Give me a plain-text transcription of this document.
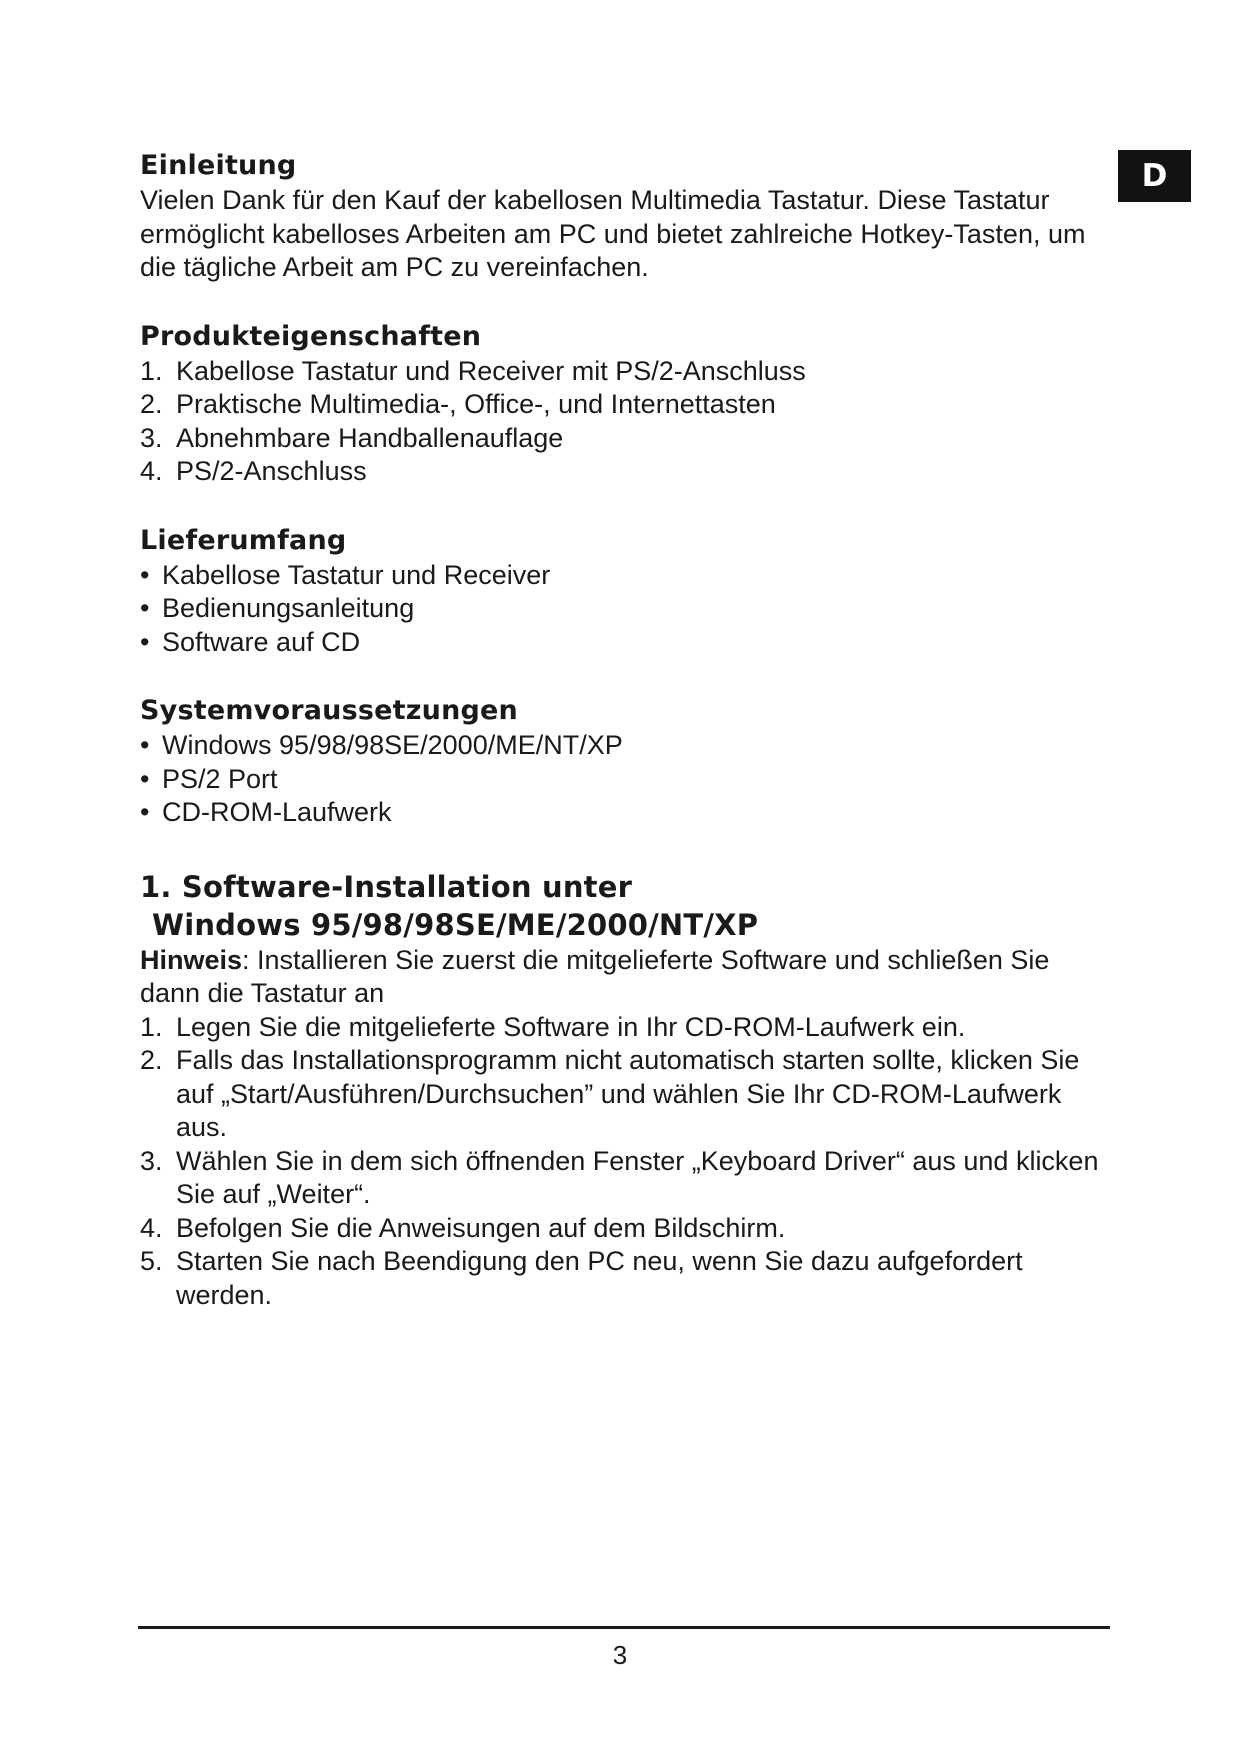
D
Einleitung

Vielen Dank für den Kauf der kabellosen Multimedia Tastatur. Diese Tastatur ermöglicht kabelloses Arbeiten am PC und bietet zahlreiche Hotkey-Tasten, um die tägliche Arbeit am PC zu vereinfachen.

Produkteigenschaften
1. Kabellose Tastatur und Receiver mit PS/2-Anschluss
2. Praktische Multimedia-, Office-, und Internettasten
3. Abnehmbare Handballenauflage
4. PS/2-Anschluss
Lieferumfang
• Kabellose Tastatur und Receiver
• Bedienungsanleitung
• Software auf CD
Systemvoraussetzungen
• Windows 95/98/98SE/2000/ME/NT/XP
• PS/2 Port
• CD-ROM-Laufwerk
1. Software-Installation unter
Windows 95/98/98SE/ME/2000/NT/XP

Hinweis: Installieren Sie zuerst die mitgelieferte Software und schließen Sie dann die Tastatur an

1. Legen Sie die mitgelieferte Software in Ihr CD-ROM-Laufwerk ein.
2. Falls das Installationsprogramm nicht automatisch starten sollte, klicken Sie auf „Start/Ausführen/Durchsuchen” und wählen Sie Ihr CD-ROM-Laufwerk aus.
3. Wählen Sie in dem sich öffnenden Fenster „Keyboard Driver“ aus und klicken Sie auf „Weiter“.
4. Befolgen Sie die Anweisungen auf dem Bildschirm.
5. Starten Sie nach Beendigung den PC neu, wenn Sie dazu aufgefordert werden.
3
